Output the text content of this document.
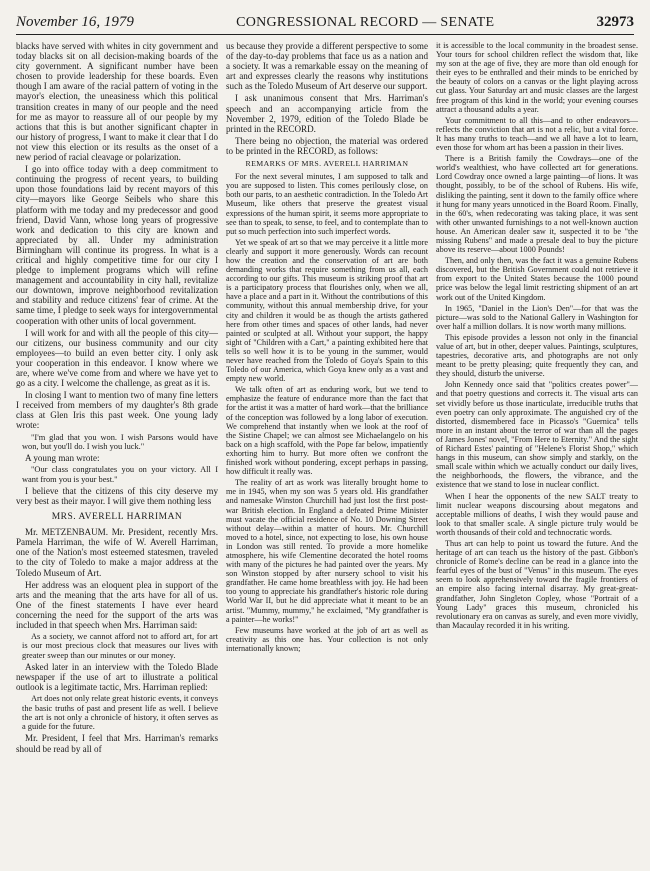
November 16, 1979	CONGRESSIONAL RECORD — SENATE	32973

blacks have served with whites in city government and today blacks sit on all decision-making boards of the city government. A significant number have been chosen to provide leadership for these boards. Even though I am aware of the racial pattern of voting in the mayor's election, the uneasiness which this political transition creates in many of our people and the need for me as mayor to reassure all of our people by my actions that this is but another significant chapter in our history of progress, I want to make it clear that I do not view this election or its results as the onset of a new period of racial cleavage or polarization.

I go into office today with a deep commitment to continuing the progress of recent years, to building upon those foundations laid by recent mayors of this city—mayors like George Seibels who share this platform with me today and my predecessor and good friend, David Vann, whose long years of progressive work and dedication to this city are known and appreciated by all. Under my administration Birmingham will continue its progress. In what is a critical and highly competitive time for our city I pledge to implement programs which will refine management and accountability in city hall, revitalize our downtown, improve neighborhood revitalization and stability and reduce citizens' fear of crime. At the same time, I pledge to seek ways for intergovernmental cooperation with other units of local government.

I will work for and with all the people of this city—our citizens, our business community and our city employees—to build an even better city. I only ask your cooperation in this endeavor. I know where we are, where we've come from and where we have yet to go as a city. I welcome the challenge, as great as it is.

In closing I want to mention two of many fine letters I received from members of my daughter's 8th grade class at Glen Iris this past week. One young lady wrote:

"I'm glad that you won. I wish Parsons would have won, but you'll do. I wish you luck."

A young man wrote:

"Our class congratulates you on your victory. All I want from you is your best."

I believe that the citizens of this city deserve my very best as their mayor. I will give them nothing less

MRS. AVERELL HARRIMAN

Mr. METZENBAUM. Mr. President, recently Mrs. Pamela Harriman, the wife of W. Averell Harriman, one of the Nation's most esteemed statesmen, traveled to the city of Toledo to make a major address at the Toledo Museum of Art.

Her address was an eloquent plea in support of the arts and the meaning that the arts have for all of us. One of the finest statements I have ever heard concerning the need for the support of the arts was included in that speech when Mrs. Harriman said:

As a society, we cannot afford not to afford art, for art is our most precious clock that measures our lives with greater sweep than our minutes or our money.

Asked later in an interview with the Toledo Blade newspaper if the use of art to illustrate a political outlook is a legitimate tactic, Mrs. Harriman replied:

Art does not only relate great historic events, it conveys the basic truths of past and present life as well. I believe the art is not only a chronicle of history, it often serves as a guide for the future.

Mr. President, I feel that Mrs. Harriman's remarks should be read by all of

us because they provide a different perspective to some of the day-to-day problems that face us as a nation and a society. It was a remarkable essay on the meaning of art and expresses clearly the reasons why institutions such as the Toledo Museum of Art deserve our support.

I ask unanimous consent that Mrs. Harriman's speech and an accompanying article from the November 2, 1979, edition of the Toledo Blade be printed in the RECORD.

There being no objection, the material was ordered to be printed in the RECORD, as follows:

REMARKS OF MRS. AVERELL HARRIMAN

For the next several minutes, I am supposed to talk and you are supposed to listen. This comes perilously close, on both our parts, to an aesthetic contradiction. In the Toledo Art Museum, like others that preserve the greatest visual expressions of the human spirit, it seems more appropriate to see than to speak, to sense, to feel, and to contemplate than to put so much perfection into such imperfect words.

Yet we speak of art so that we may perceive it a little more clearly and support it more generously. Words can recount how the creation and the conservation of art are both demanding works that require something from us all, each according to our gifts. This museum is striking proof that art is a participatory process that flourishes only, when we all, have a place and a part in it. Without the contributions of this community, without this annual membership drive, for your city and children it would be as though the artists gathered here from other times and spaces of other lands, had never painted or sculpted at all. Without your support, the happy sight of "Children with a Cart," a painting exhibited here that tells so well how it is to be young in the summer, would never have reached from the Toledo of Goya's Spain to this Toledo of our America, which Goya knew only as a vast and empty new world.

We talk often of art as enduring work, but we tend to emphasize the feature of endurance more than the fact that for the artist it was a matter of hard work—that the brilliance of the conception was followed by a long labor of execution. We comprehend that instantly when we look at the roof of the Sistine Chapel; we can almost see Michaelangelo on his back on a high scaffold, with the Pope far below, impatiently exhorting him to hurry. But more often we confront the finished work without pondering, except perhaps in passing, how difficult it really was.

The reality of art as work was literally brought home to me in 1945, when my son was 5 years old. His grandfather and namesake Winston Churchill had just lost the first post-war British election. In England a defeated Prime Minister must vacate the official residence of No. 10 Downing Street without delay—within a matter of hours. Mr. Churchill moved to a hotel, since, not expecting to lose, his own house in London was still rented. To provide a more homelike atmosphere, his wife Clementine decorated the hotel rooms with many of the pictures he had painted over the years. My son Winston stopped by after nursery school to visit his grandfather. He came home breathless with joy. He had been too young to appreciate his grandfather's historic role during World War II, but he did appreciate what it meant to be an artist. "Mummy, mummy," he exclaimed, "My grandfather is a painter—he works!"

Few museums have worked at the job of art as well as creativity as this one has. Your collection is not only internationally known;

it is accessible to the local community in the broadest sense. Your tours for school children reflect the wisdom that, like my son at the age of five, they are more than old enough for their eyes to be enthralled and their minds to be enriched by the beauty of colors on a canvas or the light playing across cut glass. Your Saturday art and music classes are the largest free program of this kind in the world; your evening courses attract a thousand adults a year.

Your commitment to all this—and to other endeavors—reflects the conviction that art is not a relic, but a vital force. It has many truths to teach—and we all have a lot to learn, even those for whom art has been a passion in their lives.

There is a British family the Cowdrays—one of the world's wealthiest, who have collected art for generations. Lord Cowdray once owned a large painting—of lions. It was thought, possibly, to be of the school of Rubens. His wife, disliking the painting, sent it down to the family office where it hung for many years unnoticed in the Board Room. Finally, in the 60's, when redecorating was taking place, it was sent with other unwanted furnishings to a not well-known auction house. An American dealer saw it, suspected it to be "the missing Rubens" and made a presale deal to buy the picture above its reserve—about 1000 Pounds!

Then, and only then, was the fact it was a genuine Rubens discovered, but the British Government could not retrieve it from export to the United States because the 1000 pound price was below the legal limit restricting shipment of an art work out of the United Kingdom.

In 1965, "Daniel in the Lion's Den"—for that was the picture—was sold to the National Gallery in Washington for over half a million dollars. It is now worth many millions.

This episode provides a lesson not only in the financial value of art, but in other, deeper values. Paintings, sculptures, tapestries, decorative arts, and photographs are not only meant to be pretty pleasing; quite frequently they can, and they should, disturb the universe.

John Kennedy once said that "politics creates power"—and that poetry questions and corrects it. The visual arts can set vividly before us those inarticulate, irreducible truths that even poetry can only approximate. The anguished cry of the distorted, dismembered face in Picasso's "Guernica" tells more in an instant about the terror of war than all the pages of James Jones' novel, "From Here to Eternity." And the sight of Richard Estes' painting of "Helene's Florist Shop," which hangs in this museum, can show simply and starkly, on the small scale within which we actually conduct our daily lives, the neighborhoods, the flowers, the vibrance, and the existence that we stand to lose in nuclear conflict.

When I hear the opponents of the new SALT treaty to limit nuclear weapons discoursing about megatons and acceptable millions of deaths, I wish they would pause and look to that smaller scale. A single picture truly would be worth thousands of their cold and technocratic words.

Thus art can help to point us toward the future. And the heritage of art can teach us the history of the past. Gibbon's chronicle of Rome's decline can be read in a glance into the fearful eyes of the bust of "Venus" in this museum. The eyes seem to look apprehensively toward the fragile frontiers of an empire also facing internal disarray. My great-great-grandfather, John Singleton Copley, whose "Portrait of a Young Lady" graces this museum, chronicled his revolutionary era on canvas as surely, and even more vividly, than Macaulay recorded it in his writing.
